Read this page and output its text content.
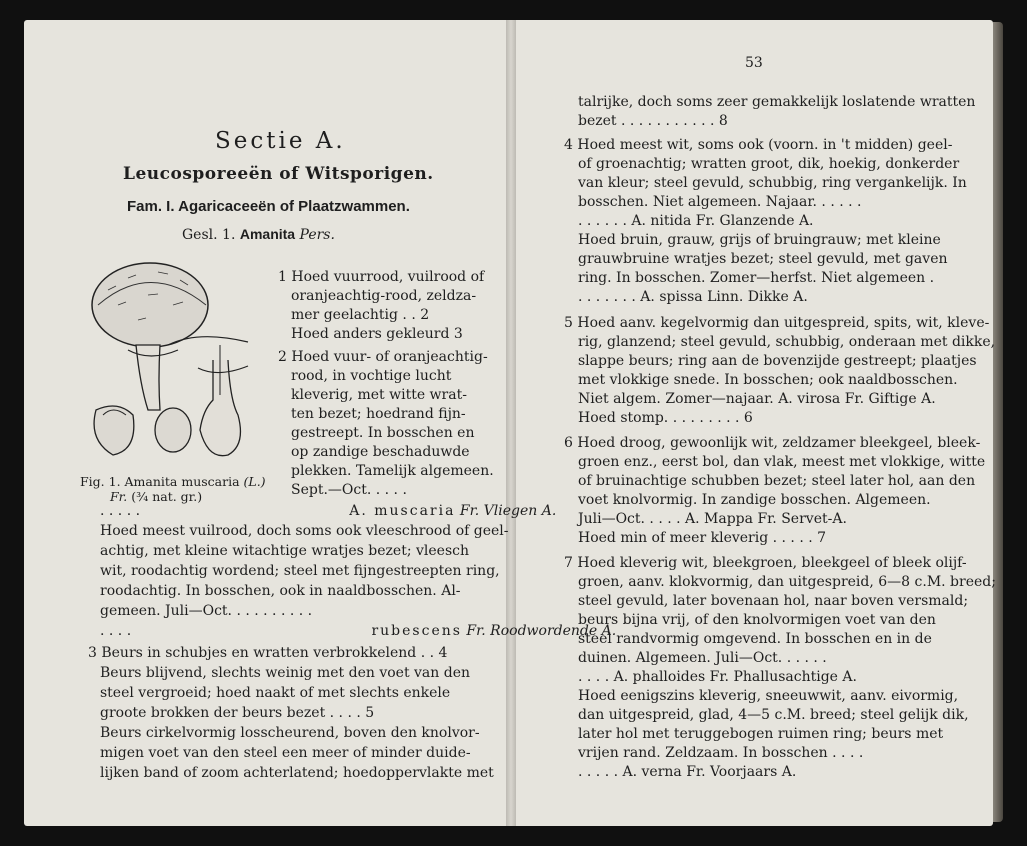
Sectie A.
Leucosporeeën of Witsporigen.
Fam. I. Agaricaceeën of Plaatzwammen.
Gesl. 1. Amanita Pers.
Fig. 1. Amanita muscaria (L.)
Fr. (¾ nat. gr.)
1 Hoed vuurrood, vuilrood of
oranjeachtig-rood, zeldza-
mer geelachtig . . 2
Hoed anders gekleurd 3
2 Hoed vuur- of oranjeachtig-
rood, in vochtige lucht
kleverig, met witte wrat-
ten bezet; hoedrand fijn-
gestreept. In bosschen en
op zandige beschaduwde
plekken. Tamelijk algemeen.
Sept.—Oct. . . . .
. . . . .	A. muscaria Fr. Vliegen A.
Hoed meest vuilrood, doch soms ook vleeschrood of geel-
achtig, met kleine witachtige wratjes bezet; vleesch
wit, roodachtig wordend; steel met fijngestreepten ring,
roodachtig. In bosschen, ook in naaldbosschen. Al-
gemeen. Juli—Oct. . . . . . . . . .
. . . .	rubescens Fr. Roodwordende A.
3 Beurs in schubjes en wratten verbrokkelend . . 4
Beurs blijvend, slechts weinig met den voet van den
steel vergroeid; hoed naakt of met slechts enkele
groote brokken der beurs bezet . . . . 5
Beurs cirkelvormig losscheurend, boven den knolvor-
migen voet van den steel een meer of minder duide-
lijken band of zoom achterlatend; hoedoppervlakte met
53
talrijke, doch soms zeer gemakkelijk loslatende wratten
bezet . . . . . . . . . . . 8
4 Hoed meest wit, soms ook (voorn. in 't midden) geel-
of groenachtig; wratten groot, dik, hoekig, donkerder
van kleur; steel gevuld, schubbig, ring vergankelijk. In
bosschen. Niet algemeen. Najaar. . . . . .
. . . . . . A. nitida Fr. Glanzende A.
Hoed bruin, grauw, grijs of bruingrauw; met kleine
grauwbruine wratjes bezet; steel gevuld, met gaven
ring. In bosschen. Zomer—herfst. Niet algemeen .
. . . . . . . A. spissa Linn. Dikke A.
5 Hoed aanv. kegelvormig dan uitgespreid, spits, wit, kleve-
rig, glanzend; steel gevuld, schubbig, onderaan met dikke,
slappe beurs; ring aan de bovenzijde gestreept; plaatjes
met vlokkige snede. In bosschen; ook naaldbosschen.
Niet algem. Zomer—najaar. A. virosa Fr. Giftige A.
Hoed stomp. . . . . . . . . 6
6 Hoed droog, gewoonlijk wit, zeldzamer bleekgeel, bleek-
groen enz., eerst bol, dan vlak, meest met vlokkige, witte
of bruinachtige schubben bezet; steel later hol, aan den
voet knolvormig. In zandige bosschen. Algemeen.
Juli—Oct. . . . . A. Mappa Fr. Servet-A.
Hoed min of meer kleverig . . . . . 7
7 Hoed kleverig wit, bleekgroen, bleekgeel of bleek olijf-
groen, aanv. klokvormig, dan uitgespreid, 6—8 c.M. breed;
steel gevuld, later bovenaan hol, naar boven versmald;
beurs bijna vrij, of den knolvormigen voet van den
steel randvormig omgevend. In bosschen en in de
duinen. Algemeen. Juli—Oct. . . . . .
. . . . A. phalloides Fr. Phallusachtige A.
Hoed eenigszins kleverig, sneeuwwit, aanv. eivormig,
dan uitgespreid, glad, 4—5 c.M. breed; steel gelijk dik,
later hol met teruggebogen ruimen ring; beurs met
vrijen rand. Zeldzaam. In bosschen . . . .
. . . . . A. verna Fr. Voorjaars A.
